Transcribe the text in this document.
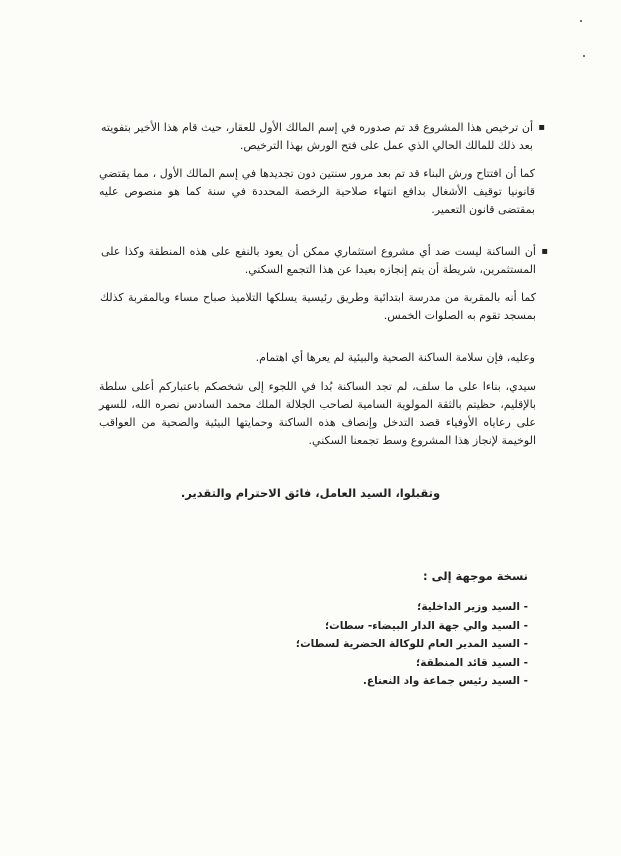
▪
أن ترخيص هذا المشروع قد تم صدوره في إسم المالك الأول للعقار، حيث قام هذا الأخير بتفويته بعد ذلك للمالك الحالي الذي عمل على فتح الورش بهذا الترخيص.
كما أن افتتاح ورش البناء قد تم بعد مرور سنتين دون تجديدها في إسم المالك الأول ، مما يقتضي قانونيا توقيف الأشغال بدافع انتهاء صلاحية الرخصة المحددة في سنة كما هو منصوص عليه بمقتضى قانون التعمير.
▪
أن الساكنة ليست ضد أي مشروع استثماري ممكن أن يعود بالنفع على هذه المنطقة وكذا على المستثمرين، شريطة أن يتم إنجازه بعيدا عن هذا التجمع السكني.
كما أنه بالمقربة من مدرسة ابتدائية وطريق رئيسية يسلكها التلاميذ صباح مساء وبالمقربة كذلك بمسجد تقوم به الصلوات الخمس.
وعليه، فإن سلامة الساكنة الصحية والبيئية لم يعرها أي اهتمام.
سيدي، بناءا على ما سلف، لم تجد الساكنة بُدا في اللجوء إلى شخصكم باعتباركم أعلى سلطة بالإقليم، حظيتم بالثقة المولوية السامية لصاحب الجلالة الملك محمد السادس نصره الله، للسهر على رعاياه الأوفياء قصد التدخل وإنصاف هذه الساكنة وحمايتها البيئية والصحية من العواقب الوخيمة لإنجاز هذا المشروع وسط تجمعنا السكني.
وتقبلوا، السيد العامل، فائق الاحترام والتقدير.
نسخة موجهة إلى :
- السيد وزير الداخلية؛
- السيد والي جهة الدار البيضاء- سطات؛
- السيد المدير العام للوكالة الحضرية لسطات؛
- السيد قائد المنطقة؛
- السيد رئيس جماعة واد النعناع.
